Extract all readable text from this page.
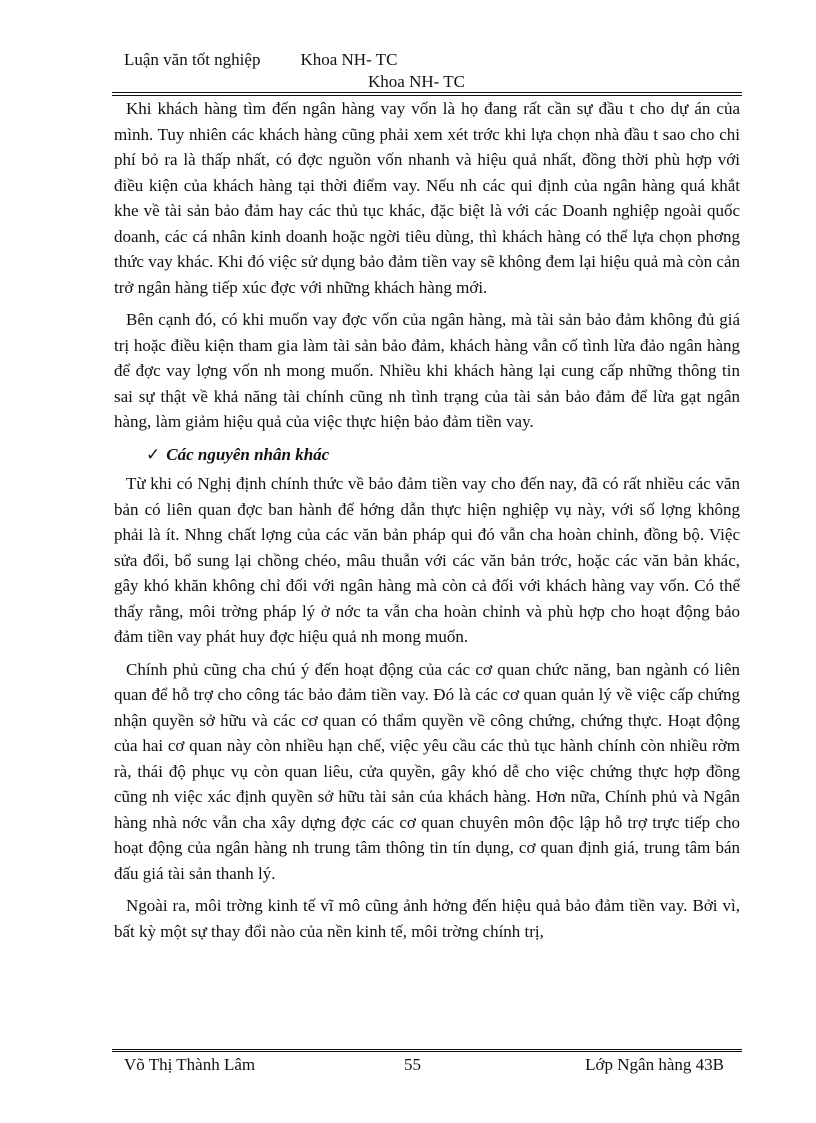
Luận văn tốt nghiệp Khoa NH- TC
Khoa NH- TC

Khi khách hàng tìm đến ngân hàng vay vốn là họ đang rất cần sự đầu t cho dự án của mình. Tuy nhiên các khách hàng cũng phải xem xét trớc khi lựa chọn nhà đầu t sao cho chi phí bỏ ra là thấp nhất, có đợc nguồn vốn nhanh và hiệu quả nhất, đồng thời phù hợp với điều kiện của khách hàng tại thời điểm vay. Nếu nh các qui định của ngân hàng quá khắt khe về tài sản bảo đảm hay các thủ tục khác, đặc biệt là với các Doanh nghiệp ngoài quốc doanh, các cá nhân kinh doanh hoặc ngời tiêu dùng, thì khách hàng có thể lựa chọn phơng thức vay khác. Khi đó việc sử dụng bảo đảm tiền vay sẽ không đem lại hiệu quả mà còn cản trở ngân hàng tiếp xúc đợc với những khách hàng mới.

Bên cạnh đó, có khi muốn vay đợc vốn của ngân hàng, mà tài sản bảo đảm không đủ giá trị hoặc điều kiện tham gia làm tài sản bảo đảm, khách hàng vẫn cố tình lừa đảo ngân hàng để đợc vay lợng vốn nh mong muốn. Nhiều khi khách hàng lại cung cấp những thông tin sai sự thật về khả năng tài chính cũng nh tình trạng của tài sản bảo đảm để lừa gạt ngân hàng, làm giảm hiệu quả của việc thực hiện bảo đảm tiền vay.

✓ Các nguyên nhân khác

Từ khi có Nghị định chính thức về bảo đảm tiền vay cho đến nay, đã có rất nhiều các văn bản có liên quan đợc ban hành để hớng dẫn thực hiện nghiệp vụ này, với số lợng không phải là ít. Nhng chất lợng của các văn bản pháp qui đó vẫn cha hoàn chỉnh, đồng bộ. Việc sửa đổi, bổ sung lại chồng chéo, mâu thuẫn với các văn bản trớc, hoặc các văn bản khác, gây khó khăn không chỉ đối với ngân hàng mà còn cả đối với khách hàng vay vốn. Có thể thấy rằng, môi trờng pháp lý ở nớc ta vẫn cha hoàn chỉnh và phù hợp cho hoạt động bảo đảm tiền vay phát huy đợc hiệu quả nh mong muốn.

Chính phủ cũng cha chú ý đến hoạt động của các cơ quan chức năng, ban ngành có liên quan để hỗ trợ cho công tác bảo đảm tiền vay. Đó là các cơ quan quản lý về việc cấp chứng nhận quyền sở hữu và các cơ quan có thẩm quyền về công chứng, chứng thực. Hoạt động của hai cơ quan này còn nhiều hạn chế, việc yêu cầu các thủ tục hành chính còn nhiều rờm rà, thái độ phục vụ còn quan liêu, cửa quyền, gây khó dễ cho việc chứng thực hợp đồng cũng nh việc xác định quyền sở hữu tài sản của khách hàng. Hơn nữa, Chính phủ và Ngân hàng nhà nớc vẫn cha xây dựng đợc các cơ quan chuyên môn độc lập hỗ trợ trực tiếp cho hoạt động của ngân hàng nh trung tâm thông tin tín dụng, cơ quan định giá, trung tâm bán đấu giá tài sản thanh lý.

Ngoài ra, môi trờng kinh tế vĩ mô cũng ảnh hởng đến hiệu quả bảo đảm tiền vay. Bởi vì, bất kỳ một sự thay đổi nào của nền kinh tế, môi trờng chính trị,

Võ Thị Thành Lâm	55	Lớp Ngân hàng 43B
